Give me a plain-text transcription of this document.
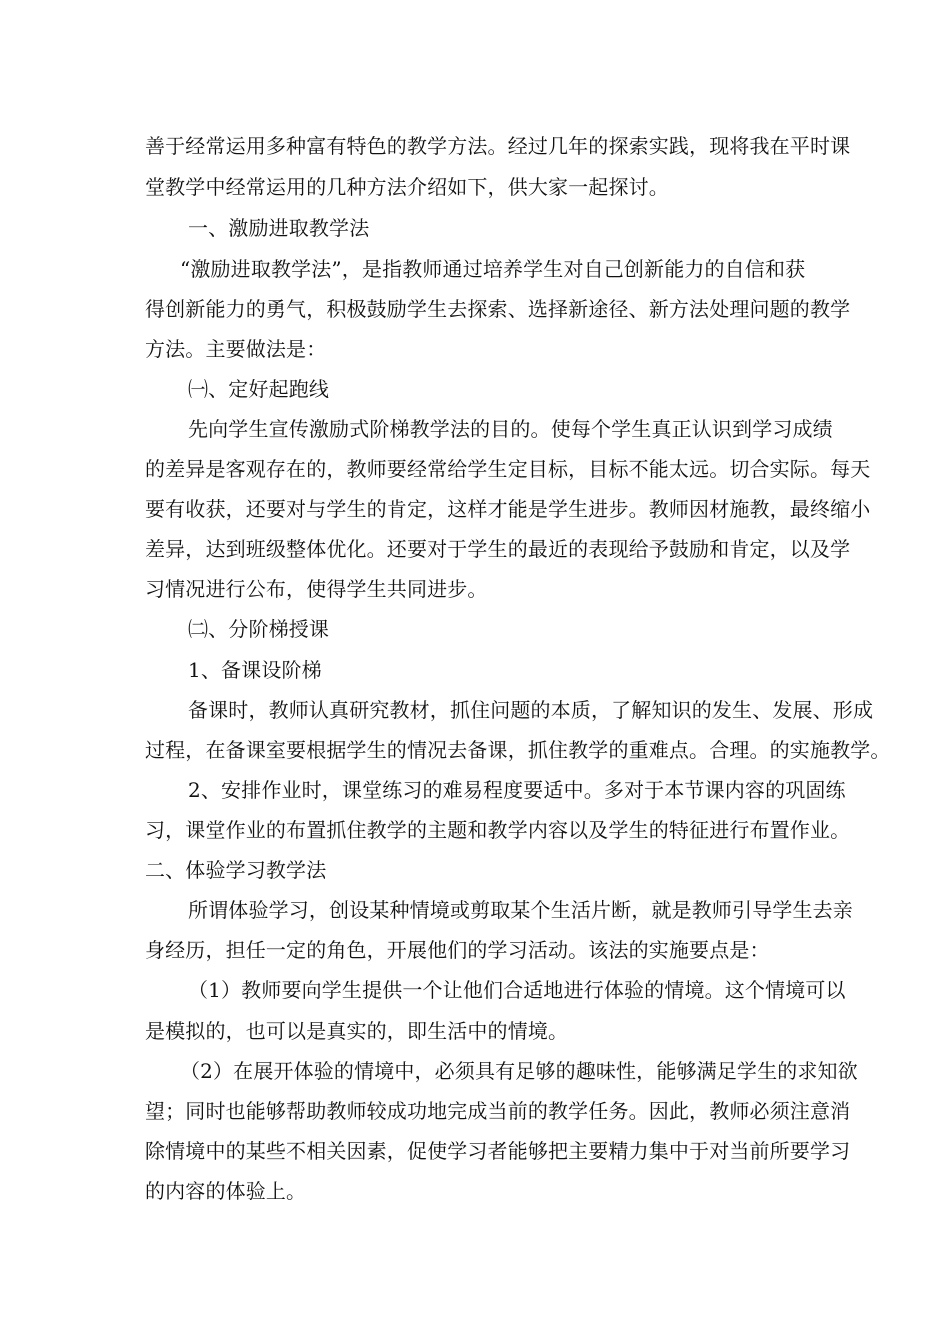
善于经常运用多种富有特色的教学方法。经过几年的探索实践，现将我在平时课
堂教学中经常运用的几种方法介绍如下，供大家一起探讨。
一、激励进取教学法
“激励进取教学法”，是指教师通过培养学生对自己创新能力的自信和获
得创新能力的勇气，积极鼓励学生去探索、选择新途径、新方法处理问题的教学
方法。主要做法是：
㈠、定好起跑线
先向学生宣传激励式阶梯教学法的目的。使每个学生真正认识到学习成绩
的差异是客观存在的，教师要经常给学生定目标，目标不能太远。切合实际。每天
要有收获，还要对与学生的肯定，这样才能是学生进步。教师因材施教，最终缩小
差异，达到班级整体优化。还要对于学生的最近的表现给予鼓励和肯定，以及学
习情况进行公布，使得学生共同进步。
㈡、分阶梯授课
1、备课设阶梯
备课时，教师认真研究教材，抓住问题的本质，了解知识的发生、发展、形成
过程，在备课室要根据学生的情况去备课，抓住教学的重难点。合理。的实施教学。
2、安排作业时，课堂练习的难易程度要适中。多对于本节课内容的巩固练
习，课堂作业的布置抓住教学的主题和教学内容以及学生的特征进行布置作业。
二、体验学习教学法
所谓体验学习，创设某种情境或剪取某个生活片断，就是教师引导学生去亲
身经历，担任一定的角色，开展他们的学习活动。该法的实施要点是：
（1）教师要向学生提供一个让他们合适地进行体验的情境。这个情境可以
是模拟的，也可以是真实的，即生活中的情境。
（2）在展开体验的情境中，必须具有足够的趣味性，能够满足学生的求知欲
望；同时也能够帮助教师较成功地完成当前的教学任务。因此，教师必须注意消
除情境中的某些不相关因素，促使学习者能够把主要精力集中于对当前所要学习
的内容的体验上。
